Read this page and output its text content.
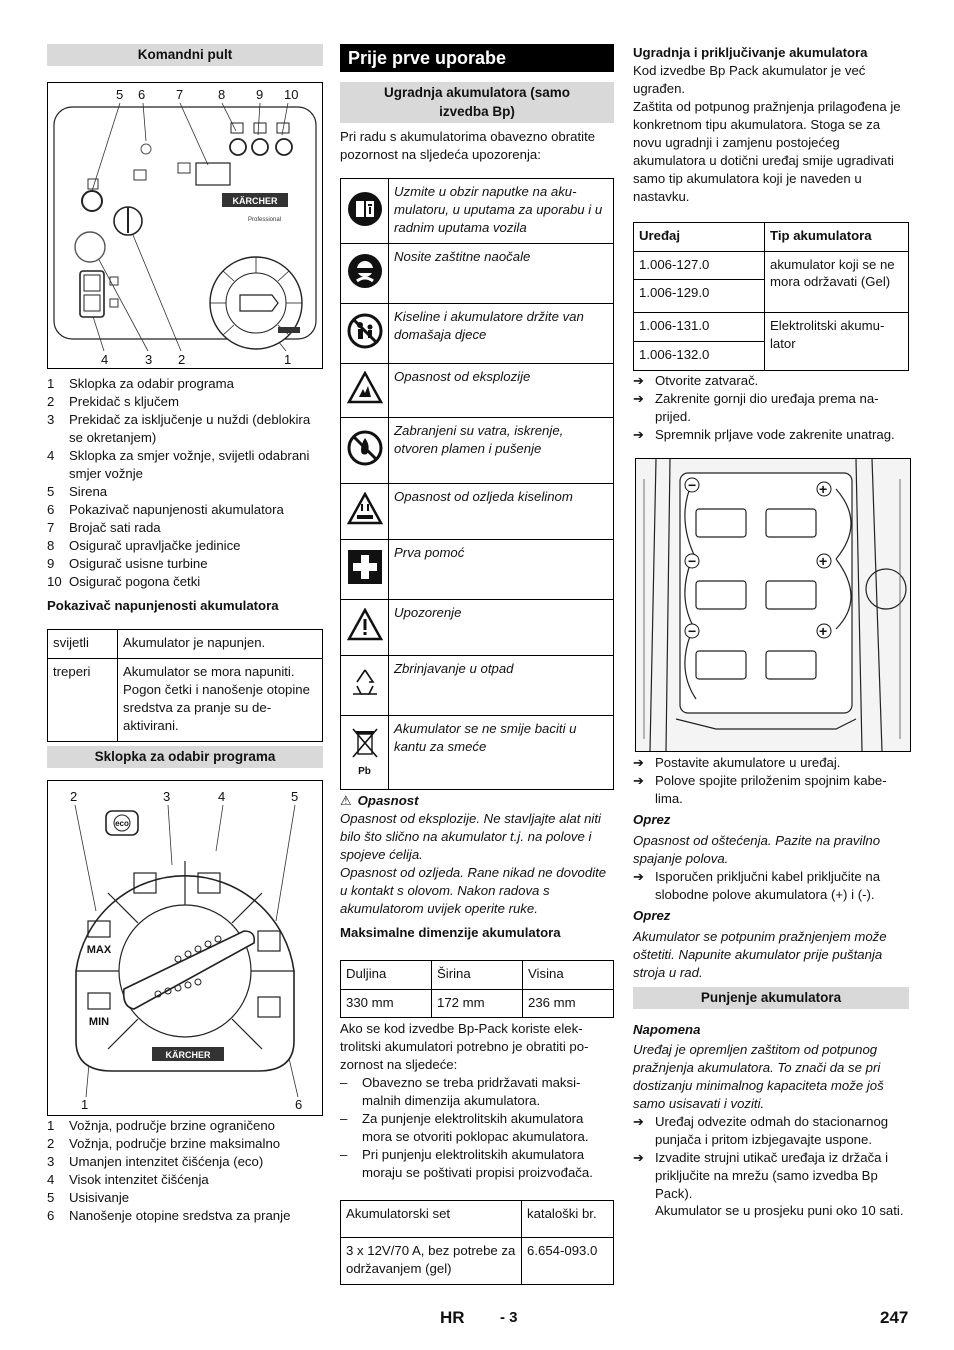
Komandni pult
5 6 7	8 9 10
4	3 2	1
KÄRCHER
Professional
1	Sklopka za odabir programa
2	Prekidač s ključem
3	Prekidač za isključenje u nuždi (deblokira se okretanjem)
4	Sklopka za smjer vožnje, svijetli odabrani smjer vožnje
5	Sirena
6	Pokazivač napunjenosti akumulatora
7	Brojač sati rada
8	Osigurač upravljačke jedinice
9	Osigurač usisne turbine
10 Osigurač pogona četki
Pokazivač napunjenosti akumulatora
svijetli	Akumulator je napunjen.
treperi	Akumulator se mora napuniti. Pogon četki i nanošenje otopine sredstva za pranje su deaktivirani.
Sklopka za odabir programa
2	3	4	5
1	6
eco
MAX
MIN
KÄRCHER
1	Vožnja, područje brzine ograničeno
2	Vožnja, područje brzine maksimalno
3	Umanjen intenzitet čišćenja (eco)
4	Visok intenzitet čišćenja
5	Usisivanje
6	Nanošenje otopine sredstva za pranje
Prije prve uporabe
Ugradnja akumulatora (samo izvedba Bp)

Pri radu s akumulatorima obavezno obratite pozornost na sljedeća upozorenja:

	Uzmite u obzir naputke na akumulatoru, u uputama za uporabu i u radnim uputama vozila
	Nosite zaštitne naočale
	Kiseline i akumulatore držite van domašaja djece
	Opasnost od eksplozije
	Zabranjeni su vatra, iskrenje, otvoren plamen i pušenje
	Opasnost od ozljeda kiselinom
	Prva pomoć
	Upozorenje
	Zbrinjavanje u otpad

Pb	Akumulator se ne smije baciti u kantu za smeće
⚠ Opasnost

Opasnost od eksplozije. Ne stavljajte alat niti bilo što slično na akumulator t.j. na polove i spojeve ćelija.

Opasnost od ozljeda. Rane nikad ne dovodite u kontakt s olovom. Nakon radova s akumulatorom uvijek operite ruke.

Maksimalne dimenzije akumulatora
Duljina	Širina	Visina
330 mm	172 mm	236 mm

Ako se kod izvedbe Bp-Pack koriste elektrolitski akumulatori potrebno je obratiti pozornost na sljedeće:

–	Obavezno se treba pridržavati maksimalnih dimenzija akumulatora.
–	Za punjenje elektrolitskih akumulatora mora se otvoriti poklopac akumulatora.
–	Pri punjenju elektrolitskih akumulatora moraju se poštivati propisi proizvođača.
Akumulatorski set	kataloški br.
3 x 12V/70 A, bez potrebe za održavanjem (gel)	6.654-093.0
Ugradnja i priključivanje akumulatora

Kod izvedbe Bp Pack akumulator je već ugrađen.

Zaštita od potpunog pražnjenja prilagođena je konkretnom tipu akumulatora. Stoga se za novu ugradnji i zamjenu postojećeg akumulatora u dotični uređaj smije ugradivati samo tip akumulatora koji je naveden u nastavku.

Uređaj	Tip akumulatora
1.006-127.0	akumulator koji se ne mora održavati (Gel)
1.006-129.0	
1.006-131.0	Elektrolitski akumulator
1.006-132.0	
➔ Otvorite zatvarač.
➔ Zakrenite gornji dio uređaja prema naprijed.
➔ Spremnik prljave vode zakrenite unatrag.
−	+
−	+
−	+
➔ Postavite akumulatore u uređaj.
➔ Polove spojite priloženim spojnim kabelima.
Oprez

Opasnost od oštećenja. Pazite na pravilno spajanje polova.

➔ Isporučen priključni kabel priključite na slobodne polove akumulatora (+) i (-).
Oprez

Akumulator se potpunim pražnjenjem može oštetiti. Napunite akumulator prije puštanja stroja u rad.

Punjenje akumulatora
Napomena

Uređaj je opremljen zaštitom od potpunog pražnjenja akumulatora. To znači da se pri dostizanju minimalnog kapaciteta može još samo usisavati i voziti.

➔ Uređaj odvezite odmah do stacionarnog punjača i pritom izbjegavajte uspone.
➔ Izvadite strujni utikač uređaja iz držača i priključite na mrežu (samo izvedba Bp Pack).

Akumulator se u prosjeku puni oko 10 sati.

HR - 3	247
